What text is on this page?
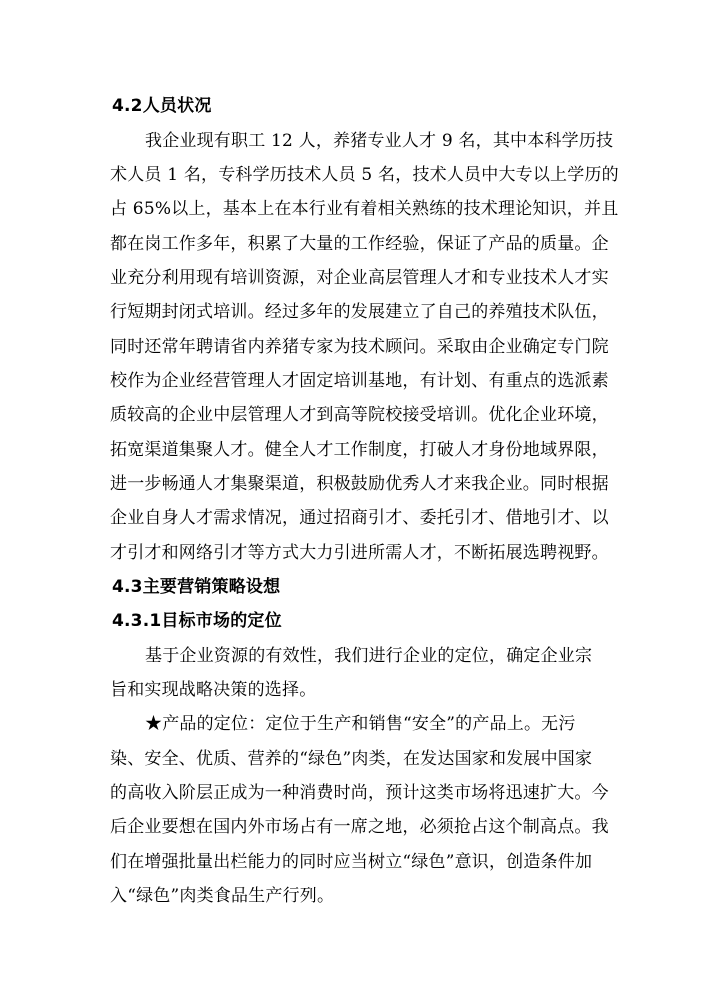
4.2人员状况
我企业现有职工 12 人，养猪专业人才 9 名，其中本科学历技
术人员 1 名，专科学历技术人员 5 名，技术人员中大专以上学历的
占 65%以上，基本上在本行业有着相关熟练的技术理论知识，并且
都在岗工作多年，积累了大量的工作经验，保证了产品的质量。企
业充分利用现有培训资源，对企业高层管理人才和专业技术人才实
行短期封闭式培训。经过多年的发展建立了自己的养殖技术队伍，
同时还常年聘请省内养猪专家为技术顾问。采取由企业确定专门院
校作为企业经营管理人才固定培训基地，有计划、有重点的选派素
质较高的企业中层管理人才到高等院校接受培训。优化企业环境，
拓宽渠道集聚人才。健全人才工作制度，打破人才身份地域界限，
进一步畅通人才集聚渠道，积极鼓励优秀人才来我企业。同时根据
企业自身人才需求情况，通过招商引才、委托引才、借地引才、以
才引才和网络引才等方式大力引进所需人才，不断拓展选聘视野。
4.3主要营销策略设想
4.3.1目标市场的定位
基于企业资源的有效性，我们进行企业的定位，确定企业宗
旨和实现战略决策的选择。
★产品的定位：定位于生产和销售“安全”的产品上。无污
染、安全、优质、营养的“绿色”肉类，在发达国家和发展中国家
的高收入阶层正成为一种消费时尚，预计这类市场将迅速扩大。今
后企业要想在国内外市场占有一席之地，必须抢占这个制高点。我
们在增强批量出栏能力的同时应当树立“绿色”意识，创造条件加
入“绿色”肉类食品生产行列。
